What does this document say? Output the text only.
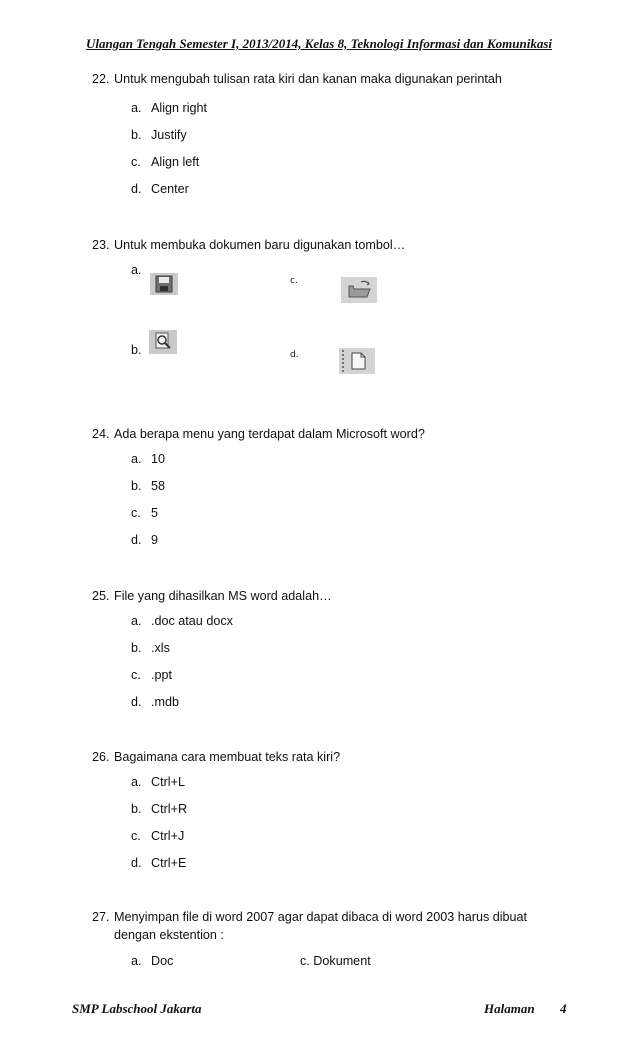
Ulangan Tengah Semester I, 2013/2014, Kelas 8, Teknologi Informasi dan Komunikasi
22. Untuk mengubah tulisan rata kiri dan kanan maka digunakan perintah
a. Align right
b. Justify
c. Align left
d. Center
23. Untuk membuka dokumen baru digunakan tombol…
a.
c.
b.	d.
24. Ada berapa menu yang terdapat dalam Microsoft word?
a. 10
b. 58
c. 5
d. 9
25. File yang dihasilkan MS word adalah…
a. .doc atau docx
b. .xls
c. .ppt
d. .mdb
26. Bagaimana cara membuat teks rata kiri?
a. Ctrl+L
b. Ctrl+R
c. Ctrl+J
d. Ctrl+E
27. Menyimpan file di word 2007 agar dapat dibaca di word 2003 harus dibuat dengan ekstention :
a. Doc	c. Dokument
SMP Labschool Jakarta	Halaman 4
